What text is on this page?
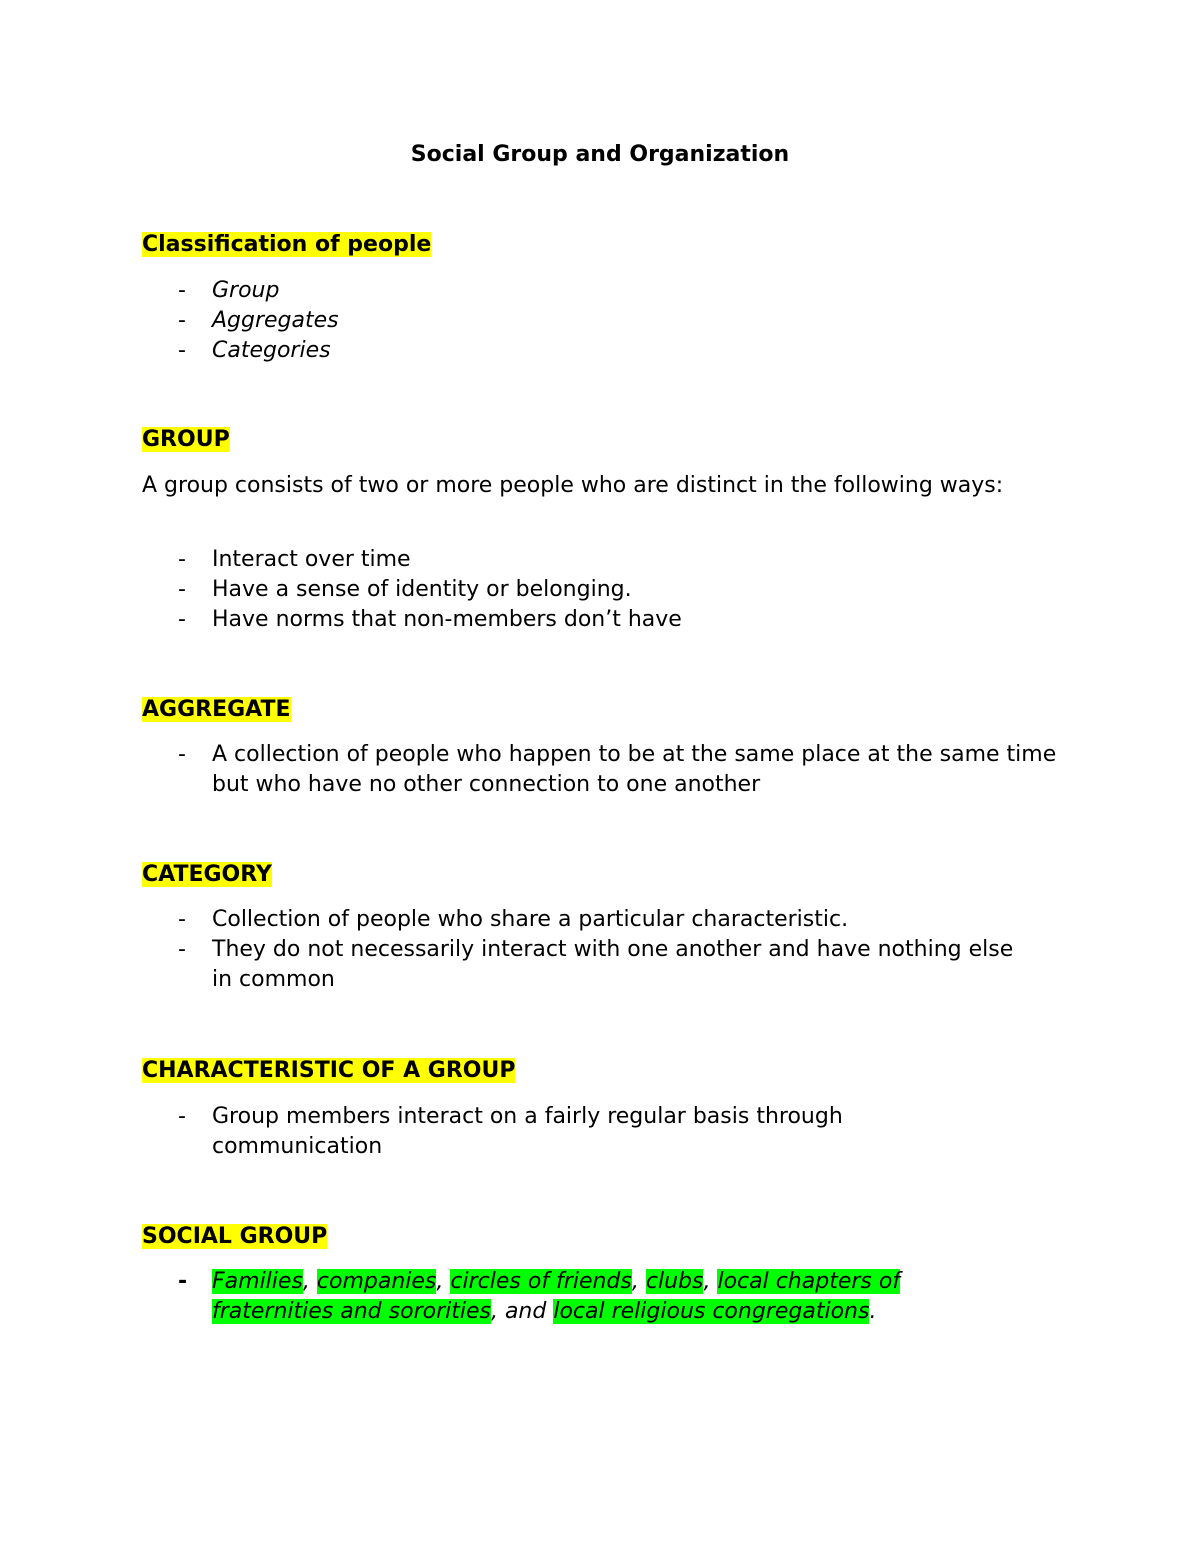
Social Group and Organization
Classification of people
- Group
- Aggregates
- Categories
GROUP
A group consists of two or more people who are distinct in the following ways:
- Interact over time
- Have a sense of identity or belonging.
- Have norms that non-members don’t have
AGGREGATE
- A collection of people who happen to be at the same place at the same time but who have no other connection to one another
CATEGORY
- Collection of people who share a particular characteristic.
- They do not necessarily interact with one another and have nothing else in common
CHARACTERISTIC OF A GROUP
- Group members interact on a fairly regular basis through communication
SOCIAL GROUP
- Families, companies, circles of friends, clubs, local chapters of fraternities and sororities, and local religious congregations.
